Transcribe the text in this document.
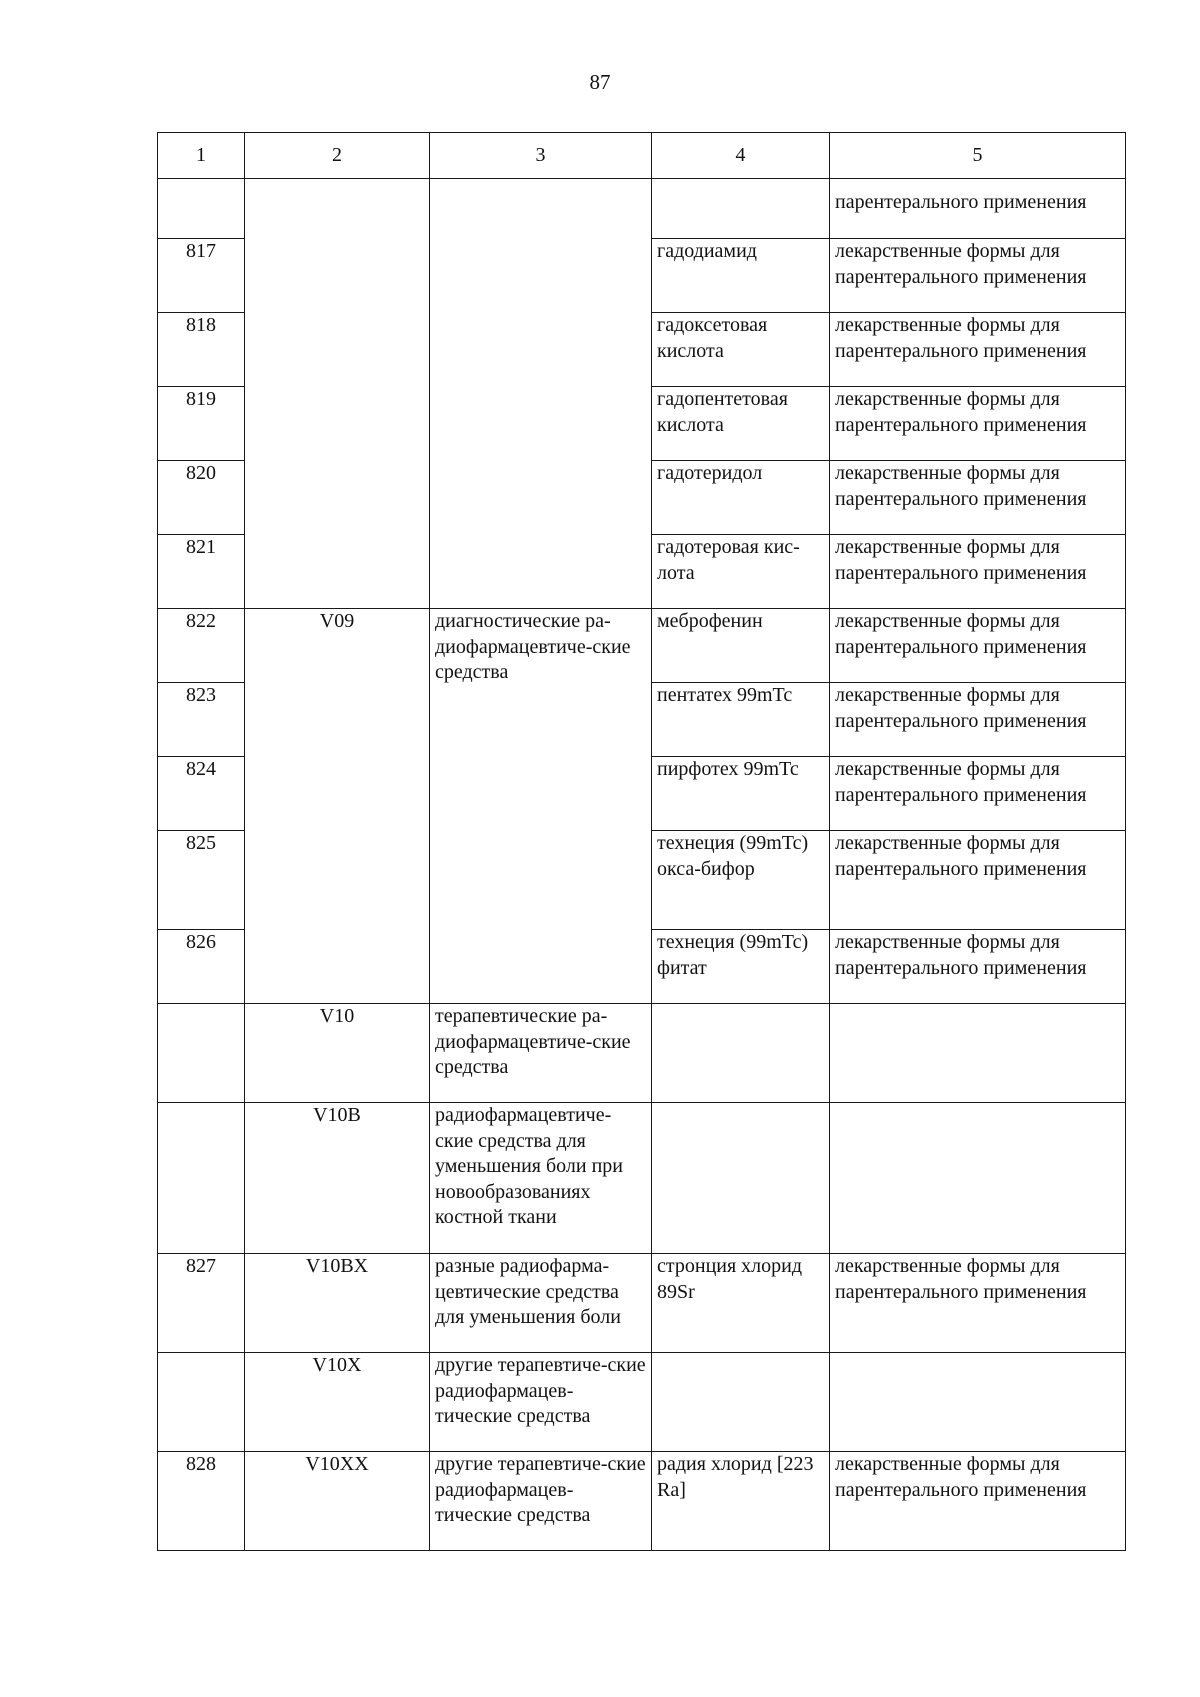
87
1	2	3	4	5
				парентерального применения
817			гадодиамид	лекарственные формы для парентерального применения
818			гадоксетовая кислота	лекарственные формы для парентерального применения
819			гадопентетовая кислота	лекарственные формы для парентерального применения
820			гадотеридол	лекарственные формы для парентерального применения
821			гадотеровая кис-лота	лекарственные формы для парентерального применения
822	V09	диагностические ра-диофармацевтиче-ские средства	меброфенин	лекарственные формы для парентерального применения
823			пентатех 99mTc	лекарственные формы для парентерального применения
824			пирфотех 99mTc	лекарственные формы для парентерального применения
825			технеция (99mTc) окса-бифор	лекарственные формы для парентерального применения
826			технеция (99mTc) фитат	лекарственные формы для парентерального применения
	V10	терапевтические ра-диофармацевтиче-ские средства		
	V10B	радиофармацевтиче-ские средства для уменьшения боли при новообразованиях костной ткани		
827	V10BX	разные радиофарма-цевтические средства для уменьшения боли	стронция хлорид 89Sr	лекарственные формы для парентерального применения
	V10X	другие терапевтиче-ские радиофармацев-тические средства		
828	V10XX	другие терапевтиче-ские радиофармацев-тические средства	радия хлорид [223 Ra]	лекарственные формы для парентерального применения
